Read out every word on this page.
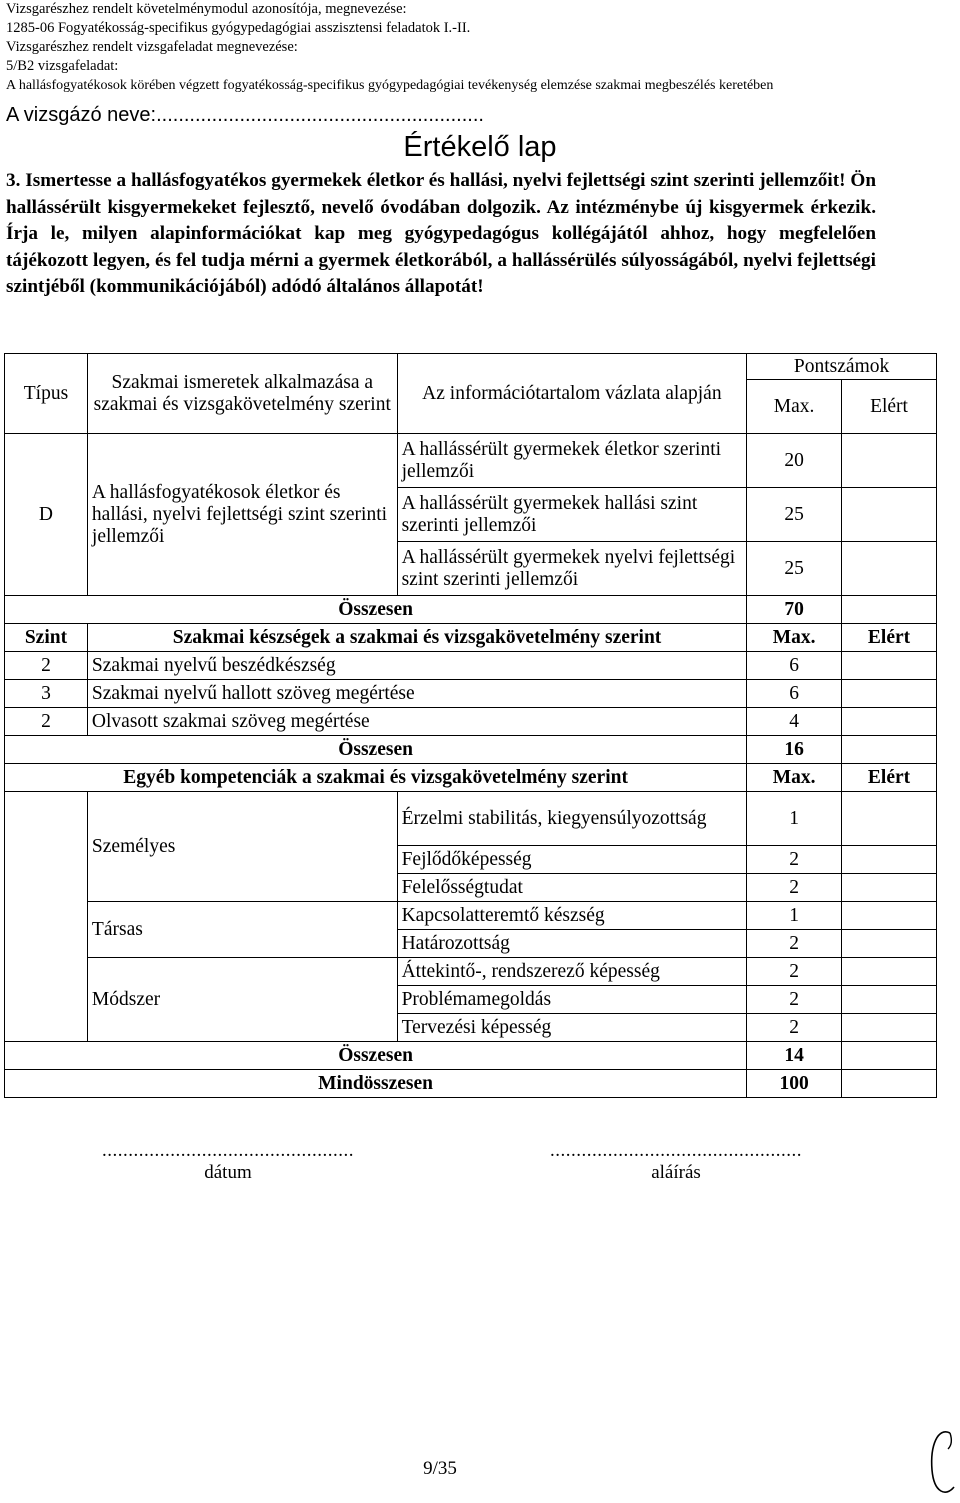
Vizsgarészhez rendelt követelménymodul azonosítója, megnevezése:
1285-06 Fogyatékosság-specifikus gyógypedagógiai asszisztensi feladatok I.-II.
Vizsgarészhez rendelt vizsgafeladat megnevezése:
5/B2 vizsgafeladat:
A hallásfogyatékosok körében végzett fogyatékosság-specifikus gyógypedagógiai tevékenység elemzése szakmai megbeszélés keretében
A vizsgázó neve:...........................................................
Értékelő lap

3. Ismertesse a hallásfogyatékos gyermekek életkor és hallási, nyelvi fejlettségi szint szerinti jellemzőit! Ön hallássérült kisgyermekeket fejlesztő, nevelő óvodában dolgozik. Az intézménybe új kisgyermek érkezik. Írja le, milyen alapinformációkat kap meg gyógypedagógus kollégájától ahhoz, hogy megfelelően tájékozott legyen, és fel tudja mérni a gyermek életkorából, a hallássérülés súlyosságából, nyelvi fejlettségi szintjéből (kommunikációjából) adódó általános állapotát!

Típus	Szakmai ismeretek alkalmazása a szakmai és vizsgakövetelmény szerint	Az információtartalom vázlata alapján	Pontszámok	
			Max.	Elért
D	A hallásfogyatékosok életkor és hallási, nyelvi fejlettségi szint szerinti jellemzői	A hallássérült gyermekek életkor szerinti jellemzői	20	
		A hallássérült gyermekek hallási szint szerinti jellemzői	25	
		A hallássérült gyermekek nyelvi fejlettségi szint szerinti jellemzői	25	
Összesen			70	
Szint	Szakmai készségek a szakmai és vizsgakövetelmény szerint		Max.	Elért
2	Szakmai nyelvű beszédkészség		6	
3	Szakmai nyelvű hallott szöveg megértése		6	
2	Olvasott szakmai szöveg megértése		4	
Összesen			16	
Egyéb kompetenciák a szakmai és vizsgakövetelmény szerint			Max.	Elért
	Személyes	Érzelmi stabilitás, kiegyensúlyozottság	1	
		Fejlődőképesség	2	
		Felelősségtudat	2	
	Társas	Kapcsolatteremtő készség	1	
		Határozottság	2	
	Módszer	Áttekintő-, rendszerező képesség	2	
		Problémamegoldás	2	
		Tervezési képesség	2	
Összesen			14	
Mindösszesen			100	
................................................
dátum
................................................
aláírás
9/35
